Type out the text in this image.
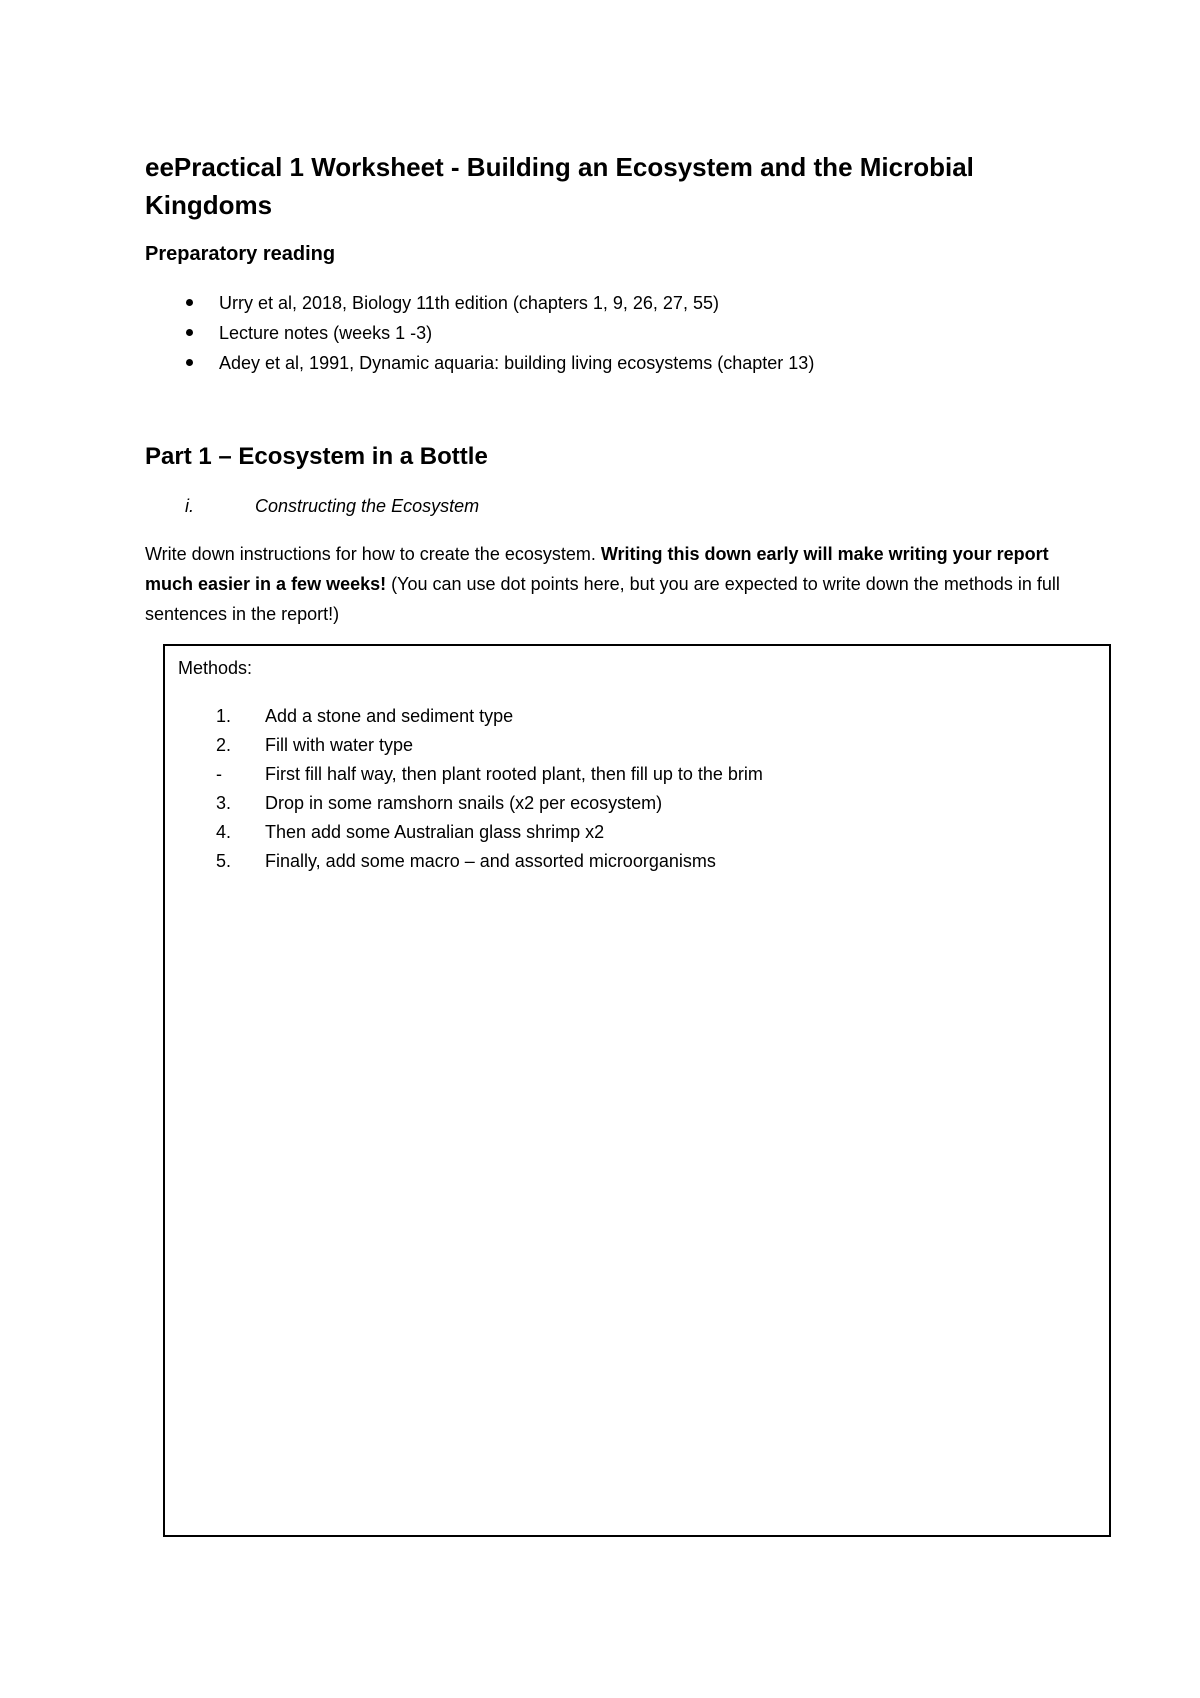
eePractical 1 Worksheet - Building an Ecosystem and the Microbial Kingdoms
Preparatory reading
Urry et al, 2018, Biology 11th edition (chapters 1, 9, 26, 27, 55)
Lecture notes (weeks 1 -3)
Adey et al, 1991, Dynamic aquaria: building living ecosystems (chapter 13)
Part 1 – Ecosystem in a Bottle
i.	Constructing the Ecosystem

Write down instructions for how to create the ecosystem. Writing this down early will make writing your report much easier in a few weeks! (You can use dot points here, but you are expected to write down the methods in full sentences in the report!)

Methods:
1. Add a stone and sediment type
2. Fill with water type
- First fill half way, then plant rooted plant, then fill up to the brim
3. Drop in some ramshorn snails (x2 per ecosystem)
4. Then add some Australian glass shrimp x2
5. Finally, add some macro – and assorted microorganisms
